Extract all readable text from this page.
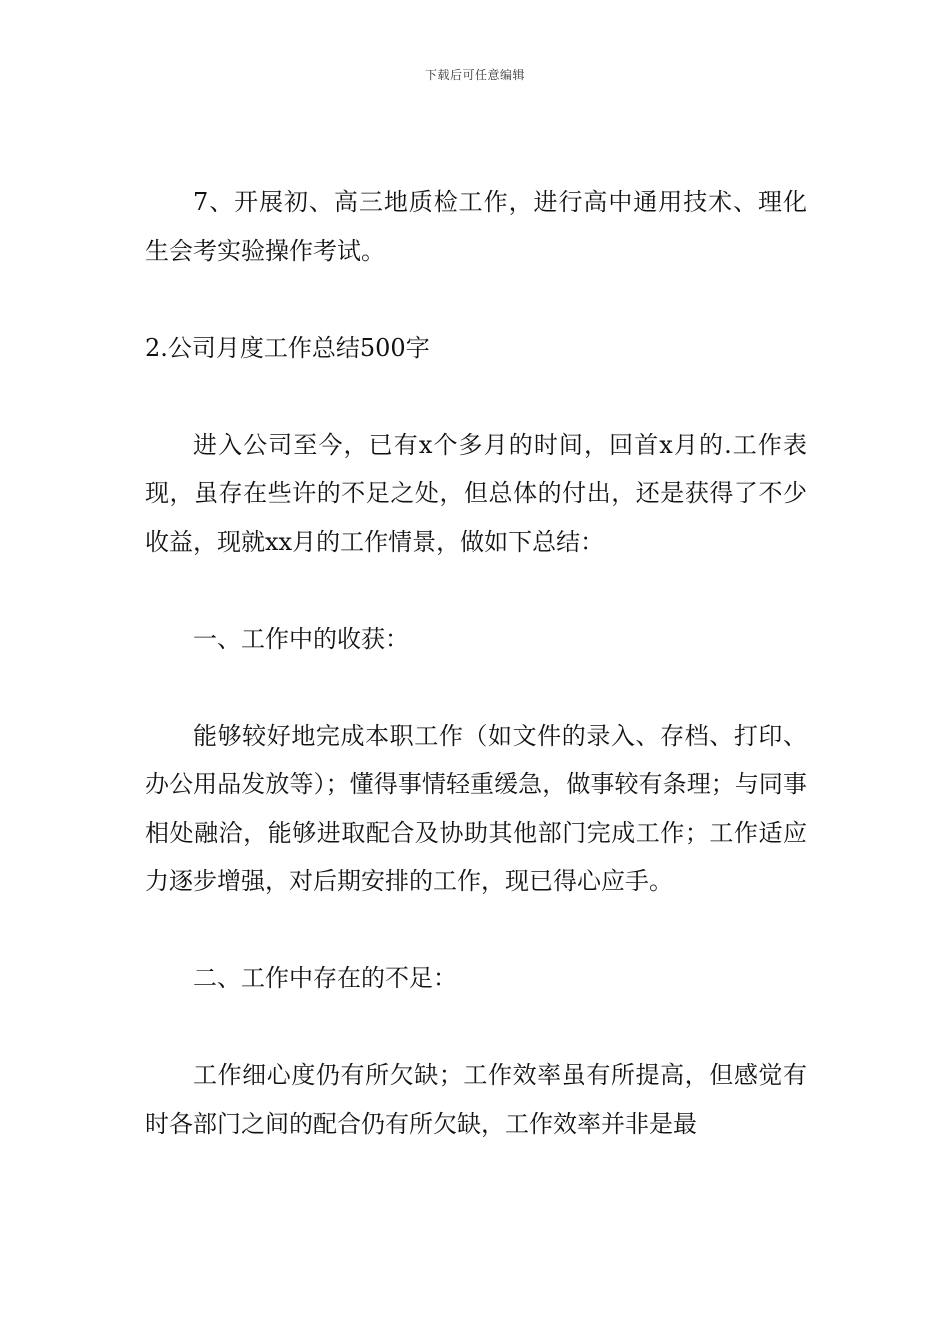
下载后可任意编辑

7、开展初、高三地质检工作，进行高中通用技术、理化生会考实验操作考试。

2.公司月度工作总结500字

进入公司至今，已有x个多月的时间，回首x月的.工作表现，虽存在些许的不足之处，但总体的付出，还是获得了不少收益，现就xx月的工作情景，做如下总结：

一、工作中的收获：

能够较好地完成本职工作（如文件的录入、存档、打印、办公用品发放等）；懂得事情轻重缓急，做事较有条理；与同事相处融洽，能够进取配合及协助其他部门完成工作；工作适应力逐步增强，对后期安排的工作，现已得心应手。

二、工作中存在的不足：

工作细心度仍有所欠缺；工作效率虽有所提高，但感觉有时各部门之间的配合仍有所欠缺，工作效率并非是最
